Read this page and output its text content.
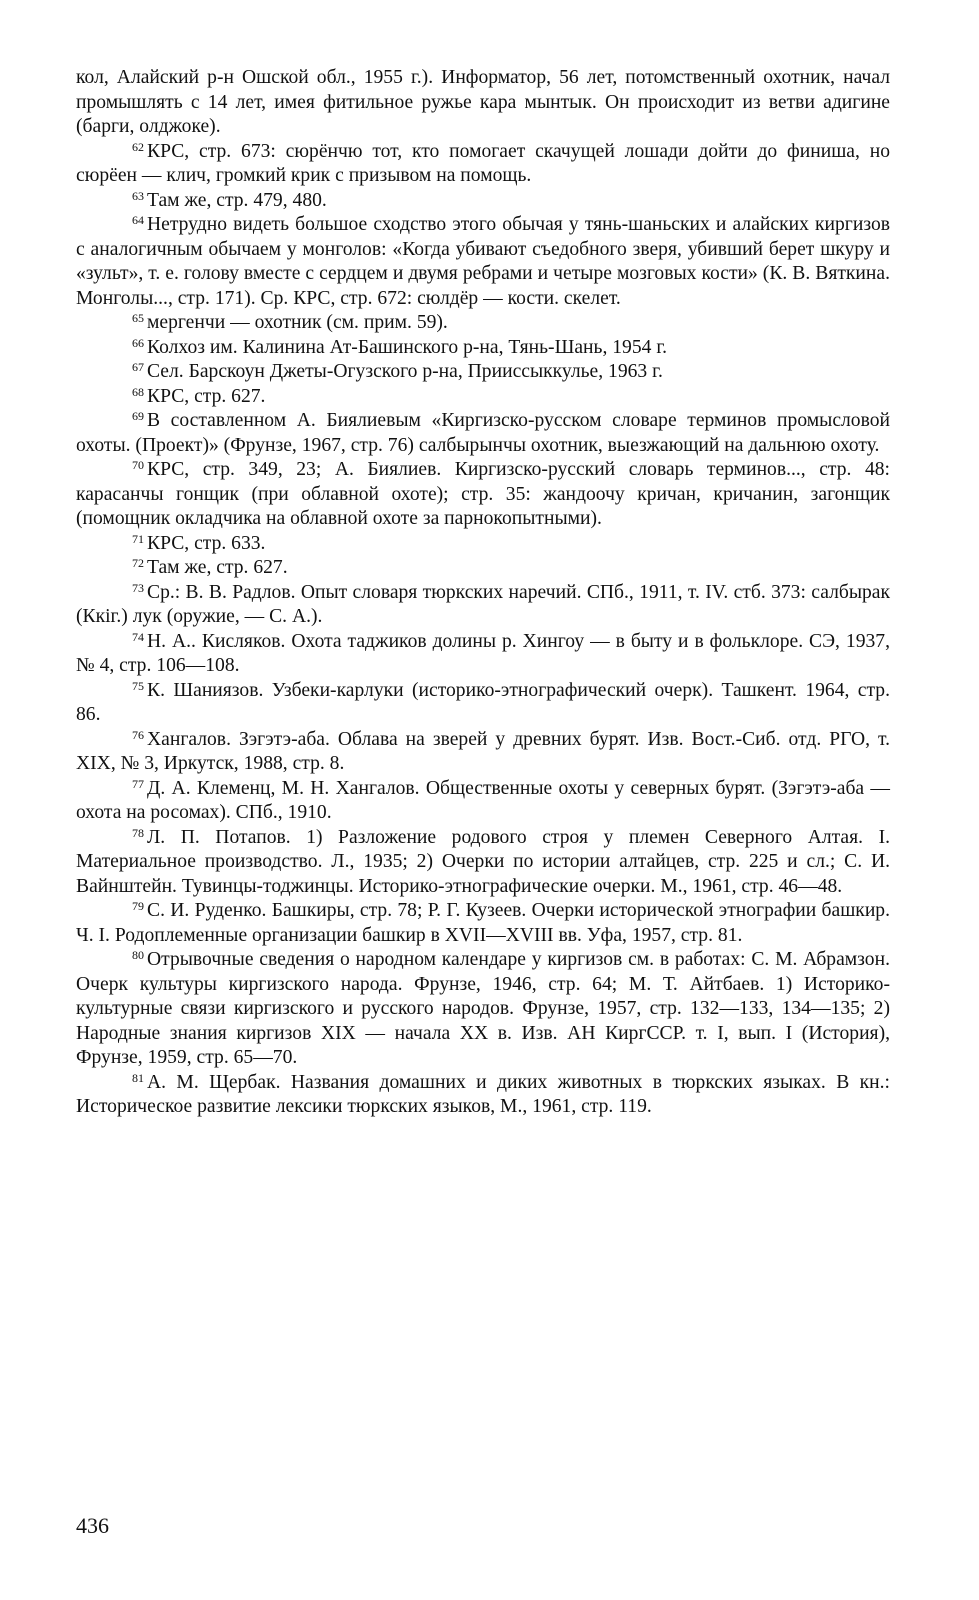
кол, Алайский р-н Ошской обл., 1955 г.). Информатор, 56 лет, потомственный охотник, начал промышлять с 14 лет, имея фитильное ружье кара мынтык. Он происходит из ветви адигине (барги, олджоке).

$^{62}$ КРС, стр. 673: сюрёнчю тот, кто помогает скачущей лошади дойти до финиша, но сюрёен — клич, громкий крик с призывом на помощь.

$^{63}$ Там же, стр. 479, 480.

$^{64}$ Нетрудно видеть большое сходство этого обычая у тянь-шаньских и алайских киргизов с аналогичным обычаем у монголов: «Когда убивают съедобного зверя, убивший берет шкуру и «зульт», т. е. голову вместе с сердцем и двумя ребрами и четыре мозговых кости» (К. В. Вяткина. Монголы..., стр. 171). Ср. КРС, стр. 672: сюлдёр — кости. скелет.

$^{65}$ мергенчи — охотник (см. прим. 59).

$^{66}$ Колхоз им. Калинина Ат-Башинского р-на, Тянь-Шань, 1954 г.

$^{67}$ Сел. Барскоун Джеты-Огузского р-на, Приисcыккулье, 1963 г.

$^{68}$ КРС, стр. 627.

$^{69}$ В составленном А. Биялиевым «Киргизско-русском словаре терминов промысловой охоты. (Проект)» (Фрунзе, 1967, стр. 76) салбырынчы охотник, выезжающий на дальнюю охоту.

$^{70}$ КРС, стр. 349, 23; А. Биялиев. Киргизско-русский словарь терминов..., стр. 48: карасанчы гонщик (при облавной охоте); стр. 35: жандоочу кричан, кричанин, загонщик (помощник окладчика на облавной охоте за парнокопытными).

$^{71}$ КРС, стр. 633.

$^{72}$ Там же, стр. 627.

$^{73}$ Ср.: В. В. Радлов. Опыт словаря тюркских наречий. СПб., 1911, т. IV. стб. 373: салбырак (Ккіг.) лук (оружие, — С. А.).

$^{74}$ Н. А.. Кисляков. Охота таджиков долины р. Хингоу — в быту и в фольклоре. СЭ, 1937, № 4, стр. 106—108.

$^{75}$ К. Шаниязов. Узбеки-карлуки (историко-этнографический очерк). Ташкент. 1964, стр. 86.

$^{76}$ Хангалов. Зэгэтэ-аба. Облава на зверей у древних бурят. Изв. Вост.-Сиб. отд. РГО, т. XIX, № 3, Иркутск, 1988, стр. 8.

$^{77}$ Д. А. Клеменц, М. Н. Хангалов. Общественные охоты у северных бурят. (Зэгэтэ-аба — охота на росомах). СПб., 1910.

$^{78}$ Л. П. Потапов. 1) Разложение родового строя у племен Северного Алтая. I. Материальное производство. Л., 1935; 2) Очерки по истории алтайцев, стр. 225 и сл.; С. И. Вайнштейн. Тувинцы-тоджинцы. Историко-этнографические очерки. М., 1961, стр. 46—48.

$^{79}$ С. И. Руденко. Башкиры, стр. 78; Р. Г. Кузеев. Очерки исторической этнографии башкир. Ч. I. Родоплеменные организации башкир в XVII—XVIII вв. Уфа, 1957, стр. 81.

$^{80}$ Отрывочные сведения о народном календаре у киргизов см. в работах: С. М. Абрамзон. Очерк культуры киргизского народа. Фрунзе, 1946, стр. 64; М. Т. Айтбаев. 1) Историко-культурные связи киргизского и русского народов. Фрунзе, 1957, стр. 132—133, 134—135; 2) Народные знания киргизов XIX — начала XX в. Изв. АН КиргССР. т. I, вып. I (История), Фрунзе, 1959, стр. 65—70.

$^{81}$ А. М. Щербак. Названия домашних и диких животных в тюркских языках. В кн.: Историческое развитие лексики тюркских языков, М., 1961, стр. 119.

436
